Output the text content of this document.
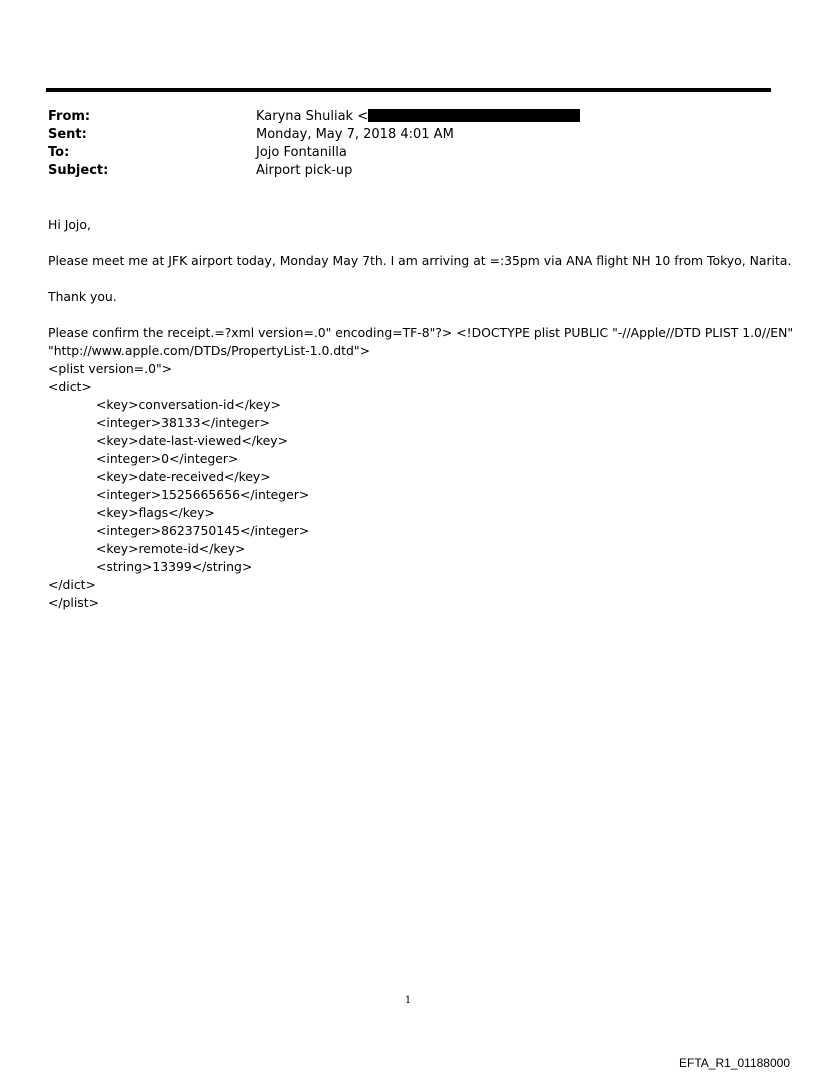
From:	Karyna Shuliak <
Sent:	Monday, May 7, 2018 4:01 AM
To:	Jojo Fontanilla
Subject:	Airport pick-up
Hi Jojo,
Please meet me at JFK airport today, Monday May 7th. I am arriving at =:35pm via ANA flight NH 10 from Tokyo, Narita.
Thank you.
Please confirm the receipt.=?xml version=.0" encoding=TF-8"?> <!DOCTYPE plist PUBLIC "-//Apple//DTD PLIST 1.0//EN"
"http://www.apple.com/DTDs/PropertyList-1.0.dtd">
<plist version=.0">
<dict>
<key>conversation-id</key>
<integer>38133</integer>
<key>date-last-viewed</key>
<integer>0</integer>
<key>date-received</key>
<integer>1525665656</integer>
<key>flags</key>
<integer>8623750145</integer>
<key>remote-id</key>
<string>13399</string>
</dict>
</plist>
1
EFTA_R1_01188000
